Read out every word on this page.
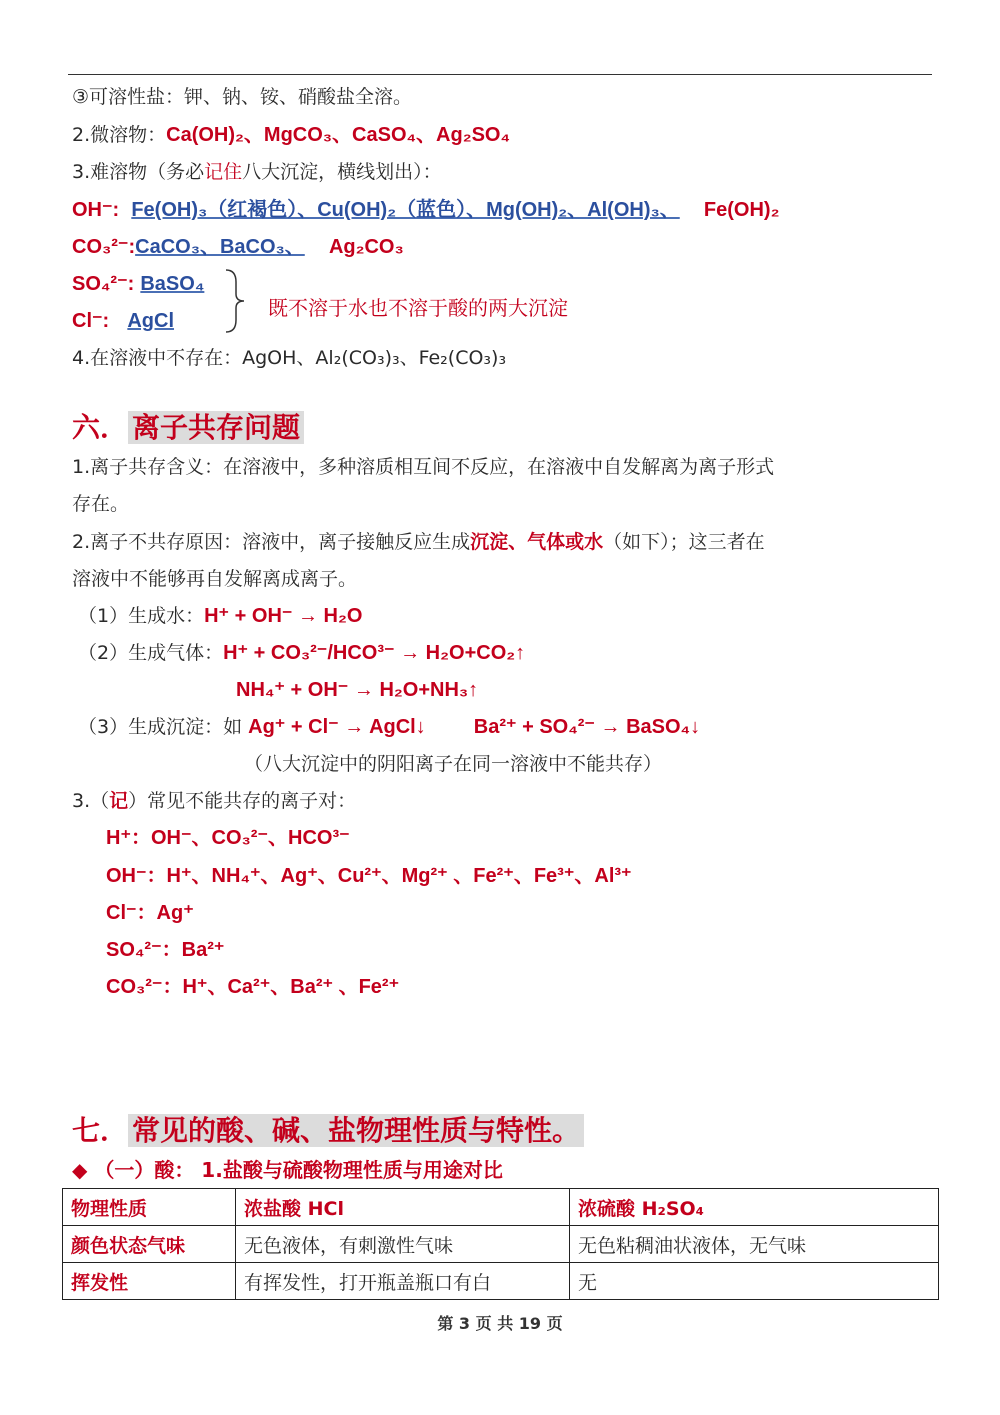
③可溶性盐：钾、钠、铵、硝酸盐全溶。
2.微溶物：Ca(OH)₂、MgCO₃、CaSO₄、Ag₂SO₄
3.难溶物（务必记住八大沉淀，横线划出）：
OH⁻: Fe(OH)₃（红褐色）、Cu(OH)₂（蓝色）、Mg(OH)₂、Al(OH)₃、 Fe(OH)₂
CO₃²⁻:CaCO₃、BaCO₃、 Ag₂CO₃
SO₄²⁻: BaSO₄
Cl⁻: AgCl
既不溶于水也不溶于酸的两大沉淀
4.在溶液中不存在：AgOH、Al₂(CO₃)₃、Fe₂(CO₃)₃
六． 离子共存问题
1.离子共存含义：在溶液中，多种溶质相互间不反应，在溶液中自发解离为离子形式
存在。
2.离子不共存原因：溶液中，离子接触反应生成沉淀、气体或水（如下）；这三者在
溶液中不能够再自发解离成离子。
（1）生成水：H⁺ + OH⁻ → H₂O
（2）生成气体：H⁺ + CO₃²⁻/HCO³⁻ → H₂O+CO₂↑
NH₄⁺ + OH⁻ → H₂O+NH₃↑
（3）生成沉淀：如 Ag⁺ + Cl⁻ → AgCl↓ Ba²⁺ + SO₄²⁻ → BaSO₄↓
（八大沉淀中的阴阳离子在同一溶液中不能共存）
3.（记）常见不能共存的离子对：
H⁺：OH⁻、CO₃²⁻、HCO³⁻
OH⁻：H⁺、NH₄⁺、Ag⁺、Cu²⁺、Mg²⁺ 、Fe²⁺、Fe³⁺、Al³⁺
Cl⁻：Ag⁺
SO₄²⁻：Ba²⁺
CO₃²⁻：H⁺、Ca²⁺、Ba²⁺ 、Fe²⁺
七． 常见的酸、碱、盐物理性质与特性。
◆ （一）酸： 1.盐酸与硫酸物理性质与用途对比
物理性质	浓盐酸 HCl	浓硫酸 H₂SO₄
颜色状态气味	无色液体，有刺激性气味	无色粘稠油状液体，无气味
挥发性	有挥发性，打开瓶盖瓶口有白	无
第 3 页 共 19 页
